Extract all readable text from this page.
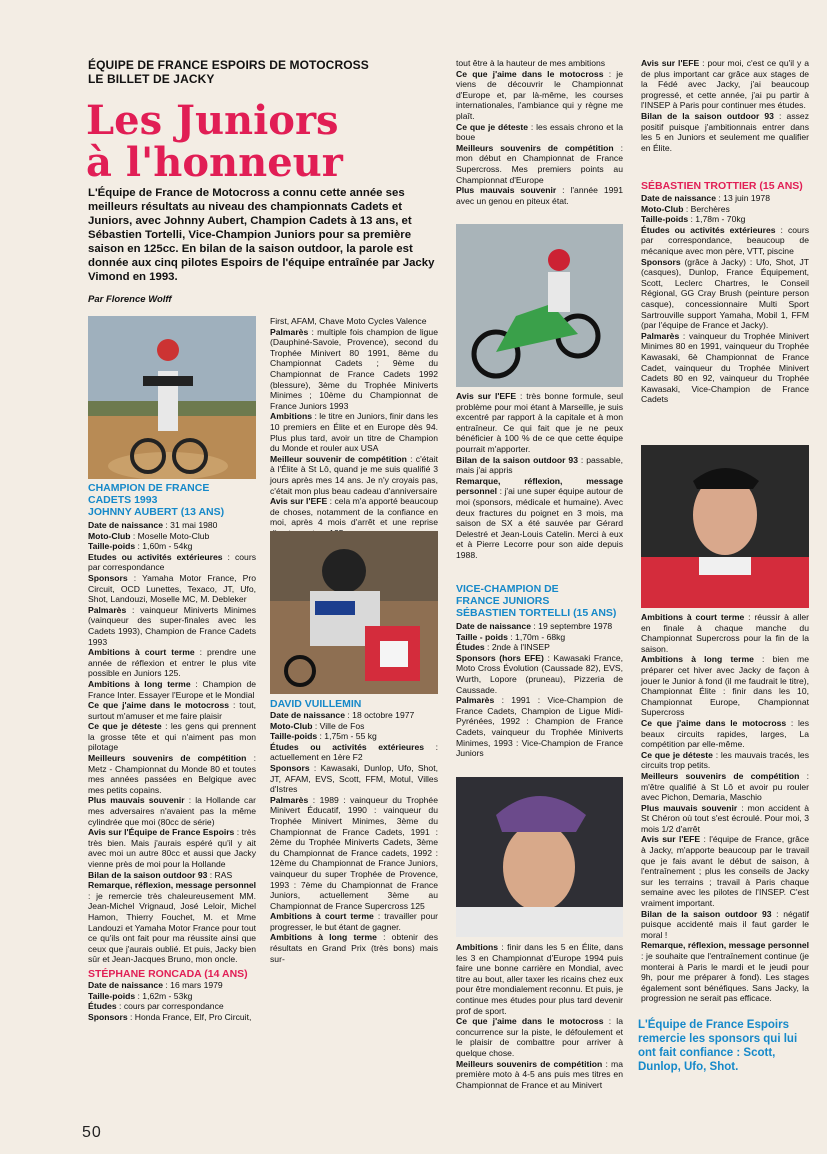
ÉQUIPE DE FRANCE ESPOIRS DE MOTOCROSS
LE BILLET DE JACKY
Les Juniors
à l'honneur
L'Équipe de France de Motocross a connu cette année ses meilleurs résultats au niveau des championnats Cadets et Juniors, avec Johnny Aubert, Champion Cadets à 13 ans, et Sébastien Tortelli, Vice-Champion Juniors pour sa première saison en 125cc. En bilan de la saison outdoor, la parole est donnée aux cinq pilotes Espoirs de l'équipe entraînée par Jacky Vimond en 1993.
Par Florence Wolff
CHAMPION DE FRANCE
CADETS 1993
JOHNNY AUBERT (13 ANS)

Date de naissance : 31 mai 1980

Moto-Club : Moselle Moto-Club

Taille-poids : 1,60m - 54kg

Etudes ou activités extérieures : cours par correspondance

Sponsors : Yamaha Motor France, Pro Circuit, OCD Lunettes, Texaco, JT, Ufo, Shot, Landouzi, Moselle MC, M. Debleker

Palmarès : vainqueur Miniverts Minimes (vainqueur des super-finales avec les Cadets 1993), Champion de France Cadets 1993

Ambitions à court terme : prendre une année de réflexion et entrer le plus vite possible en Juniors 125.

Ambitions à long terme : Champion de France Inter. Essayer l'Europe et le Mondial

Ce que j'aime dans le motocross : tout, surtout m'amuser et me faire plaisir

Ce que je déteste : les gens qui prennent la grosse tête et qui n'aiment pas mon pilotage

Meilleurs souvenirs de compétition : Metz - Championnat du Monde 80 et toutes mes années passées en Belgique avec mes petits copains.

Plus mauvais souvenir : la Hollande car mes adversaires n'avaient pas la même cylindrée que moi (80cc de série)

Avis sur l'Équipe de France Espoirs : très très bien. Mais j'aurais espéré qu'il y ait avec moi un autre 80cc et aussi que Jacky vienne près de moi pour la Hollande

Bilan de la saison outdoor 93 : RAS

Remarque, réflexion, message personnel : je remercie très chaleureusement MM. Jean-Michel Vrignaud, José Leloir, Michel Hamon, Thierry Fouchet, M. et Mme Landouzi et Yamaha Motor France pour tout ce qu'ils ont fait pour ma réussite ainsi que ceux que j'aurais oublié. Et puis, Jacky bien sûr et Jean-Jacques Bruno, mon oncle.

STÉPHANE RONCADA (14 ANS)

Date de naissance : 16 mars 1979

Taille-poids : 1,62m - 53kg

Études : cours par correspondance

Sponsors : Honda France, Elf, Pro Circuit,

First, AFAM, Chave Moto Cycles Valence

Palmarès : multiple fois champion de ligue (Dauphiné-Savoie, Provence), second du Trophée Minivert 80 1991, 8ème du Championnat Cadets ; 9ème du Championnat de France Cadets 1992 (blessure), 3ème du Trophée Miniverts Minimes ; 10ème du Championnat de France Juniors 1993

Ambitions : le titre en Juniors, finir dans les 10 premiers en Élite et en Europe dès 94. Plus plus tard, avoir un titre de Champion du Monde et rouler aux USA

Meilleur souvenir de compétition : c'était à l'Élite à St Lô, quand je me suis qualifié 3 jours après mes 14 ans. Je n'y croyais pas, c'était mon plus beau cadeau d'anniversaire

Avis sur l'EFE : cela m'a apporté beaucoup de choses, notamment de la confiance en moi, après 4 mois d'arrêt et une reprise

DAVID VUILLEMIN

Date de naissance : 18 octobre 1977

Moto-Club : Ville de Fos

Taille-poids : 1,75m - 55 kg

Études ou activités extérieures : actuellement en 1ère F2

Sponsors : Kawasaki, Dunlop, Ufo, Shot, JT, AFAM, EVS, Scott, FFM, Motul, Villes d'Istres

Palmarès : 1989 : vainqueur du Trophée Minivert Éducatif, 1990 : vainqueur du Trophée Minivert Minimes, 3ème du Championnat de France Cadets, 1991 : 2ème du Trophée Miniverts Cadets, 3ème du Championnat de France cadets, 1992 : 12ème du Championnat de France Juniors, vainqueur du super Trophée de Provence, 1993 : 7ème du Championnat de France Juniors, actuellement 3ème au Championnat de France Supercross 125

Ambitions à court terme : travailler pour progresser, le but étant de gagner.

Ambitions à long terme : obtenir des résultats en Grand Prix (très bons) mais sur-

tout être à la hauteur de mes ambitions

Ce que j'aime dans le motocross : je viens de découvrir le Championnat d'Europe et, par là-même, les courses internationales, l'ambiance qui y règne me plaît.

Ce que je déteste : les essais chrono et la boue

Meilleurs souvenirs de compétition : mon début en Championnat de France Supercross. Mes premiers points au Championnat d'Europe

Plus mauvais souvenir : l'année 1991 avec un genou en piteux état.

Avis sur l'EFE : très bonne formule, seul problème pour moi étant à Marseille, je suis excentré par rapport à la capitale et à mon entraîneur. Ce qui fait que je ne peux bénéficier à 100 % de ce que cette équipe pourrait m'apporter.

Bilan de la saison outdoor 93 : passable, mais j'ai appris

Remarque, réflexion, message personnel : j'ai une super équipe autour de moi (sponsors, médicale et humaine). Avec deux fractures du poignet en 3 mois, ma saison de SX a été sauvée par Gérard Delestré et Jean-Louis Catelin. Merci à eux et à Pierre Lecorre pour son aide depuis 1988.

VICE-CHAMPION DE
FRANCE JUNIORS
SÉBASTIEN TORTELLI (15 ANS)

Date de naissance : 19 septembre 1978

Taille - poids : 1,70m - 68kg

Études : 2nde à l'INSEP

Sponsors (hors EFE) : Kawasaki France, Moto Cross Évolution (Caussade 82), EVS, Wurth, Lopore (pruneau), Pizzeria de Caussade.

Palmarès : 1991 : Vice-Champion de France Cadets, Champion de Ligue Midi-Pyrénées, 1992 : Champion de France Cadets, vainqueur du Trophée Miniverts Minimes, 1993 : Vice-Champion de France Juniors

Ambitions : finir dans les 5 en Élite, dans les 3 en Championnat d'Europe 1994 puis faire une bonne carrière en Mondial, avec titre au bout, aller taxer les ricains chez eux pour être mondialement reconnu. Et puis, je continue mes études pour plus tard devenir prof de sport.

Ce que j'aime dans le motocross : la concurrence sur la piste, le défoulement et le plaisir de combattre pour arriver à quelque chose.

Meilleurs souvenirs de compétition : ma première moto à 4-5 ans puis mes titres en Championnat de France et au Minivert

Avis sur l'EFE : pour moi, c'est ce qu'il y a de plus important car grâce aux stages de la Fédé avec Jacky, j'ai beaucoup progressé, et cette année, j'ai pu partir à l'INSEP à Paris pour continuer mes études.

Bilan de la saison outdoor 93 : assez positif puisque j'ambitionnais entrer dans les 5 en Juniors et seulement me qualifier en Élite.

SÉBASTIEN TROTTIER (15 ANS)

Date de naissance : 13 juin 1978

Moto-Club : Berchères

Taille-poids : 1,78m - 70kg

Études ou activités extérieures : cours par correspondance, beaucoup de mécanique avec mon père, VTT, piscine

Sponsors (grâce à Jacky) : Ufo, Shot, JT (casques), Dunlop, France Équipement, Scott, Leclerc Chartres, le Conseil Régional, GG Cray Brush (peinture person casque), concessionnaire Multi Sport Sartrouville support Yamaha, Mobil 1, FFM (par l'équipe de France et Jacky).

Palmarès : vainqueur du Trophée Minivert Minimes 80 en 1991, vainqueur du Trophée Kawasaki, 6è Championnat de France Cadet, vainqueur du Trophée Minivert Cadets 80 en 92, vainqueur du Trophée Kawasaki, Vice-Champion de France Cadets

Ambitions à court terme : réussir à aller en finale à chaque manche du Championnat Supercross pour la fin de la saison.

Ambitions à long terme : bien me préparer cet hiver avec Jacky de façon à jouer le Junior à fond (il me faudrait le titre), Championnat Élite : finir dans les 10, Championnat Europe, Championnat Supercross

Ce que j'aime dans le motocross : les beaux circuits rapides, larges, La compétition par elle-même.

Ce que je déteste : les mauvais tracés, les circuits trop petits.

Meilleurs souvenirs de compétition : m'être qualifié à St Lô et avoir pu rouler avec Pichon, Demaria, Maschio

Plus mauvais souvenir : mon accident à St Chéron où tout s'est écroulé. Pour moi, 3 mois 1/2 d'arrêt

Avis sur l'EFE : l'équipe de France, grâce à Jacky, m'apporte beaucoup par le travail que je fais avant le début de saison, à l'entraînement ; plus les conseils de Jacky sur les terrains ; travail à Paris chaque semaine avec les pilotes de l'INSEP. C'est vraiment important.

Bilan de la saison outdoor 93 : négatif puisque accidenté mais il faut garder le moral !

Remarque, réflexion, message personnel : je souhaite que l'entraînement continue (je monterai à Paris le mardi et le jeudi pour 9h, pour me préparer à fond). Les stages également sont bénéfiques. Sans Jacky, la progression ne serait pas efficace.

L'Équipe de France Espoirs remercie les sponsors qui lui ont fait confiance : Scott, Dunlop, Ufo, Shot.
50
